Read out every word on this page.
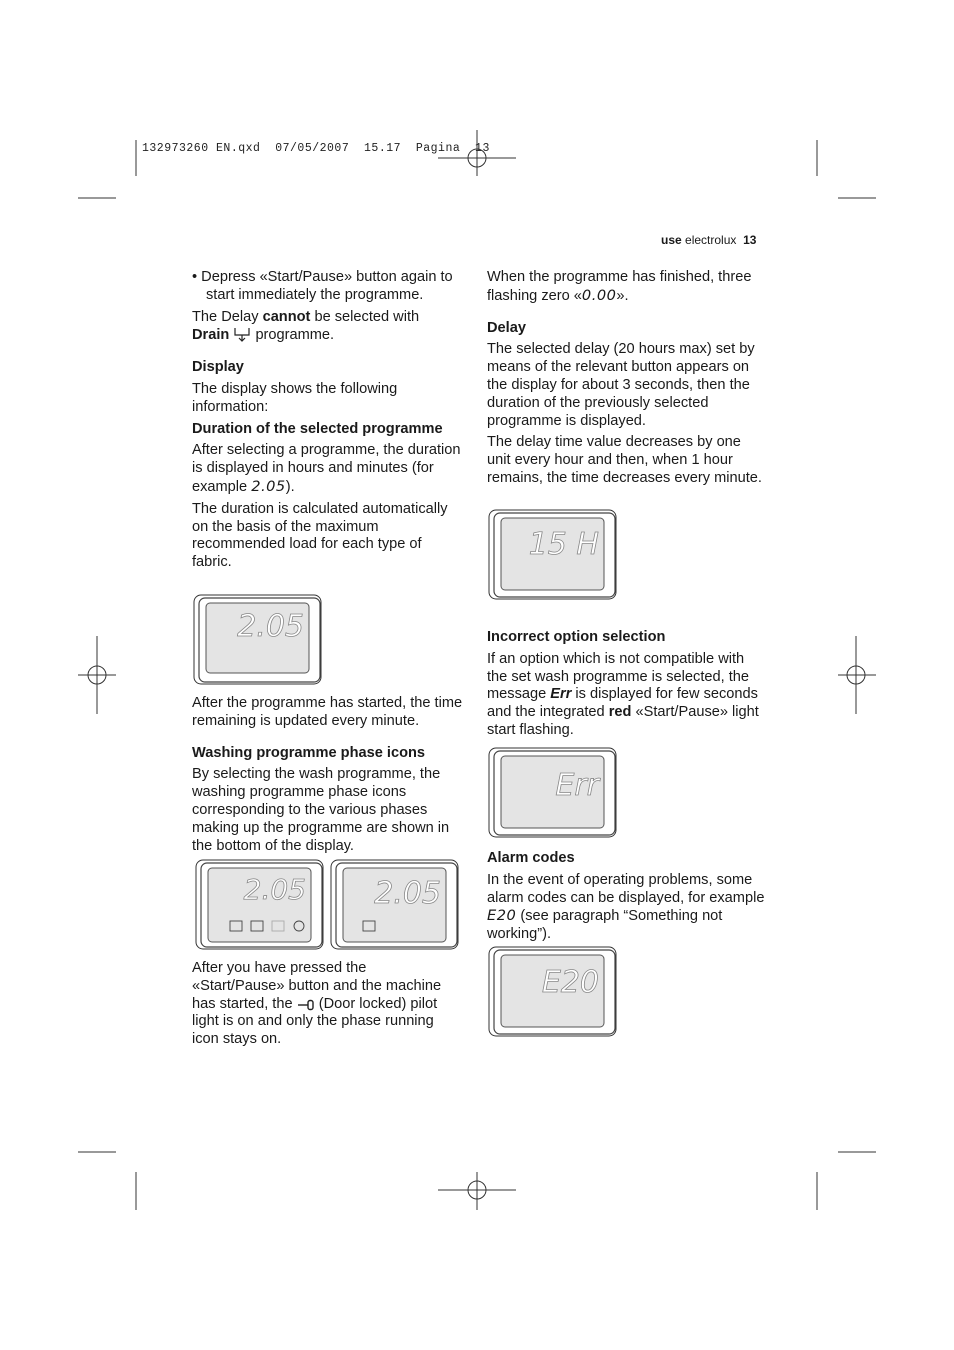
132973260 EN.qxd  07/05/2007  15.17  Pagina  13
use electrolux 13

• Depress «Start/Pause» button again to start immediately the programme.

The Delay cannot be selected with
Drain  programme.

Display

The display shows the following information:

Duration of the selected programme

After selecting a programme, the duration is displayed in hours and minutes (for example 2.05).

The duration is calculated automatically on the basis of the maximum recommended load for each type of fabric.

2.05

After the programme has started, the time remaining is updated every minute.

Washing programme phase icons

By selecting the wash programme, the washing programme phase icons corresponding to the various phases making up the programme are shown in the bottom of the display.

2.05 2.05

After you have pressed the «Start/Pause» button and the machine has started, the  (Door locked) pilot light is on and only the phase running icon stays on.

When the programme has finished, three flashing zero «0.00».

Delay

The selected delay (20 hours max) set by means of the relevant button appears on the display for about 3 seconds, then the duration of the previously selected programme is displayed.

The delay time value decreases by one unit every hour and then, when 1 hour remains, the time decreases every minute.

15 H
Incorrect option selection

If an option which is not compatible with the set wash programme is selected, the message Err is displayed for few seconds and the integrated red «Start/Pause» light start flashing.

Err
Alarm codes

In the event of operating problems, some alarm codes can be displayed, for example E20 (see paragraph “Something not working”).

E20
